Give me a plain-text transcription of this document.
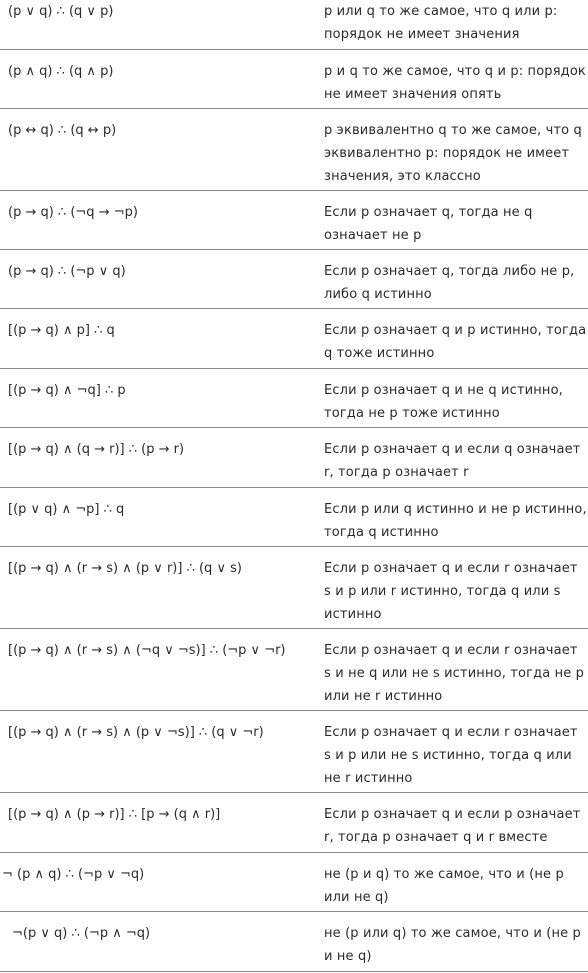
(p ∨ q) ∴ (q ∨ p)	p или q то же самое, что q или p: порядок не имеет значения
(p ∧ q) ∴ (q ∧ p)	p и q то же самое, что q и p: порядок не имеет значения опять
(p ↔ q) ∴ (q ↔ p)	p эквивалентно q то же самое, что q эквивалентно p: порядок не имеет значения, это классно
(p → q) ∴ (¬q → ¬p)	Если p означает q, тогда не q означает не p
(p → q) ∴ (¬p ∨ q)	Если p означает q, тогда либо не p, либо q истинно
[(p → q) ∧ p] ∴ q	Если p означает q и p истинно, тогда q тоже истинно
[(p → q) ∧ ¬q] ∴ p	Если p означает q и не q истинно, тогда не p тоже истинно
[(p → q) ∧ (q → r)] ∴ (p → r)	Если p означает q и если q означает r, тогда p означает r
[(p ∨ q) ∧ ¬p] ∴ q	Если p или q истинно и не p истинно, тогда q истинно
[(p → q) ∧ (r → s) ∧ (p ∨ r)] ∴ (q ∨ s)	Если p означает q и если r означает s и p или r истинно, тогда q или s истинно
[(p → q) ∧ (r → s) ∧ (¬q ∨ ¬s)] ∴ (¬p ∨ ¬r)	Если p означает q и если r означает s и не q или не s истинно, тогда не p или не r истинно
[(p → q) ∧ (r → s) ∧ (p ∨ ¬s)] ∴ (q ∨ ¬r)	Если p означает q и если r означает s и p или не s истинно, тогда q или не r истинно
[(p → q) ∧ (p → r)] ∴ [p → (q ∧ r)]	Если p означает q и если p означает r, тогда p означает q и r вместе
¬ (p ∧ q) ∴ (¬p ∨ ¬q)	не (p и q) то же самое, что и (не p или не q)
¬(p ∨ q) ∴ (¬p ∧ ¬q)	не (p или q) то же самое, что и (не p и не q)
